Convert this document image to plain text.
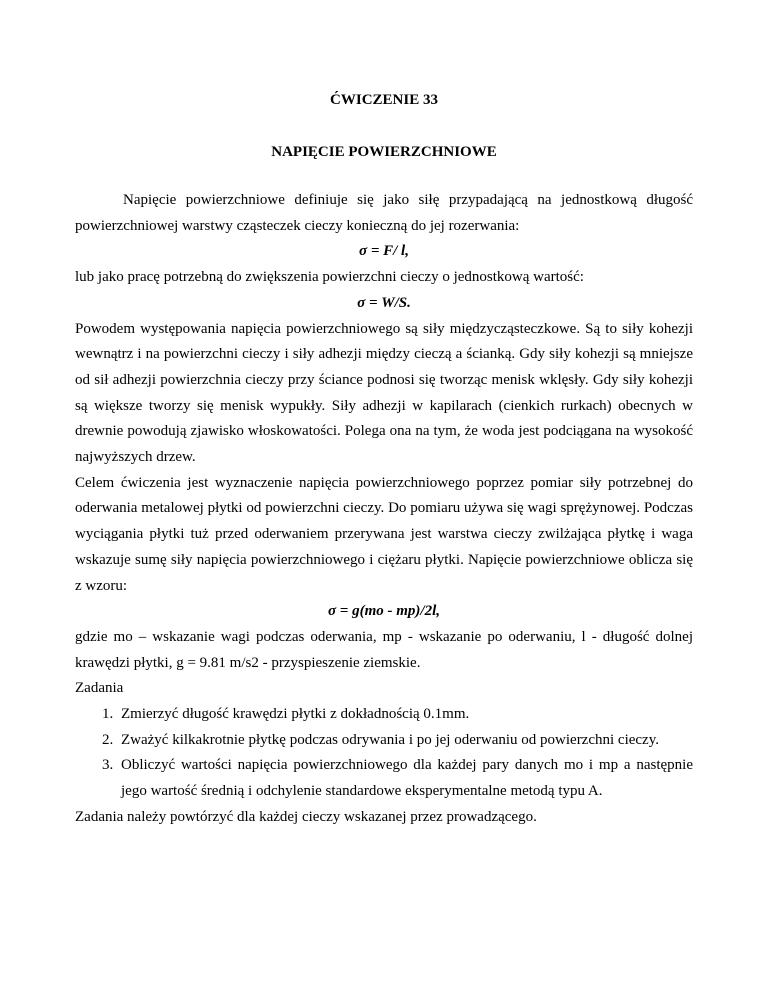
ĆWICZENIE 33
NAPIĘCIE POWIERZCHNIOWE

Napięcie powierzchniowe definiuje się jako siłę przypadającą na jednostkową długość powierzchniowej warstwy cząsteczek cieczy konieczną do jej rozerwania:

σ = F/ l,

lub jako pracę potrzebną do zwiększenia powierzchni cieczy o jednostkową wartość:

σ = W/S.

Powodem występowania napięcia powierzchniowego są siły międzycząsteczkowe. Są to siły kohezji wewnątrz i na powierzchni cieczy i siły adhezji między cieczą a ścianką. Gdy siły kohezji są mniejsze od sił adhezji powierzchnia cieczy przy ściance podnosi się tworząc menisk wklęsły. Gdy siły kohezji są większe tworzy się menisk wypukły. Siły adhezji w kapilarach (cienkich rurkach) obecnych w drewnie powodują zjawisko włoskowatości. Polega ona na tym, że woda jest podciągana na wysokość najwyższych drzew.

Celem ćwiczenia jest wyznaczenie napięcia powierzchniowego poprzez pomiar siły potrzebnej do oderwania metalowej płytki od powierzchni cieczy. Do pomiaru używa się wagi sprężynowej. Podczas wyciągania płytki tuż przed oderwaniem przerywana jest warstwa cieczy zwilżająca płytkę i waga wskazuje sumę siły napięcia powierzchniowego i ciężaru płytki. Napięcie powierzchniowe oblicza się z wzoru:

σ = g(mo - mp)/2l,

gdzie mo – wskazanie wagi podczas oderwania, mp - wskazanie po oderwaniu, l - długość dolnej krawędzi płytki, g = 9.81 m/s2 - przyspieszenie ziemskie.

Zadania

1. Zmierzyć długość krawędzi płytki z dokładnością 0.1mm.
2. Zważyć kilkakrotnie płytkę podczas odrywania i po jej oderwaniu od powierzchni cieczy.
3. Obliczyć wartości napięcia powierzchniowego dla każdej pary danych mo i mp a następnie jego wartość średnią i odchylenie standardowe eksperymentalne metodą typu A.

Zadania należy powtórzyć dla każdej cieczy wskazanej przez prowadzącego.
